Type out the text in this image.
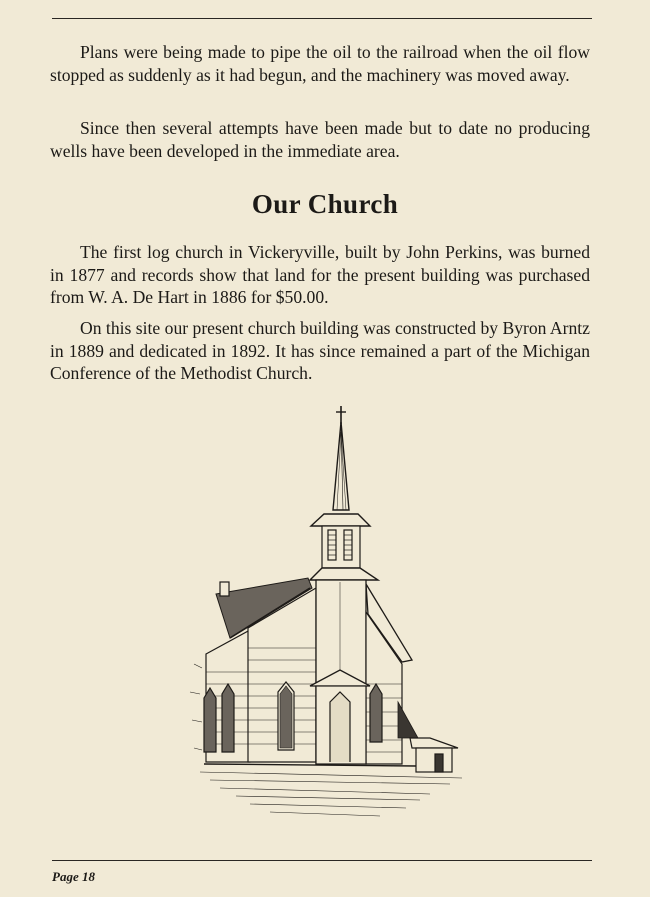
Plans were being made to pipe the oil to the railroad when the oil flow stopped as suddenly as it had begun, and the machinery was moved away.

Since then several attempts have been made but to date no producing wells have been developed in the immediate area.

Our Church

The first log church in Vickeryville, built by John Perkins, was burned in 1877 and records show that land for the present building was purchased from W. A. De Hart in 1886 for $50.00.

On this site our present church building was constructed by Byron Arntz in 1889 and dedicated in 1892. It has since remained a part of the Michigan Conference of the Methodist Church.

Page 18
